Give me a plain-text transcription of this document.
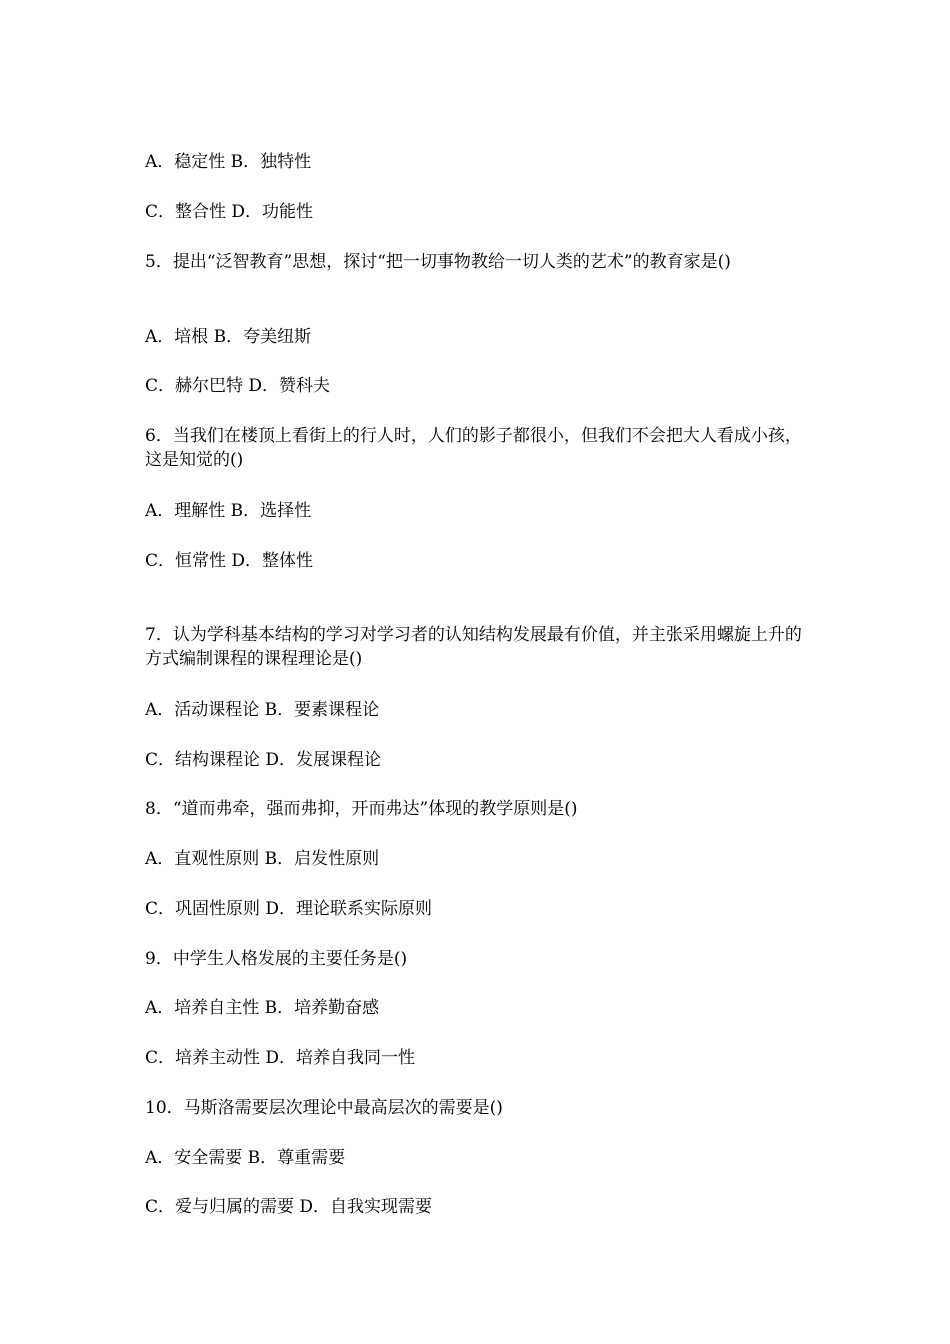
A．稳定性 B．独特性
C．整合性 D．功能性
5．提出“泛智教育”思想，探讨“把一切事物教给一切人类的艺术”的教育家是()
A．培根 B．夸美纽斯
C．赫尔巴特 D．赞科夫
6．当我们在楼顶上看街上的行人时，人们的影子都很小，但我们不会把大人看成小孩，这是知觉的()
A．理解性 B．选择性
C．恒常性 D．整体性
7．认为学科基本结构的学习对学习者的认知结构发展最有价值，并主张采用螺旋上升的方式编制课程的课程理论是()
A．活动课程论 B．要素课程论
C．结构课程论 D．发展课程论
8．“道而弗牵，强而弗抑，开而弗达”体现的教学原则是()
A．直观性原则 B．启发性原则
C．巩固性原则 D．理论联系实际原则
9．中学生人格发展的主要任务是()
A．培养自主性 B．培养勤奋感
C．培养主动性 D．培养自我同一性
10．马斯洛需要层次理论中最高层次的需要是()
A．安全需要 B．尊重需要
C．爱与归属的需要 D．自我实现需要
